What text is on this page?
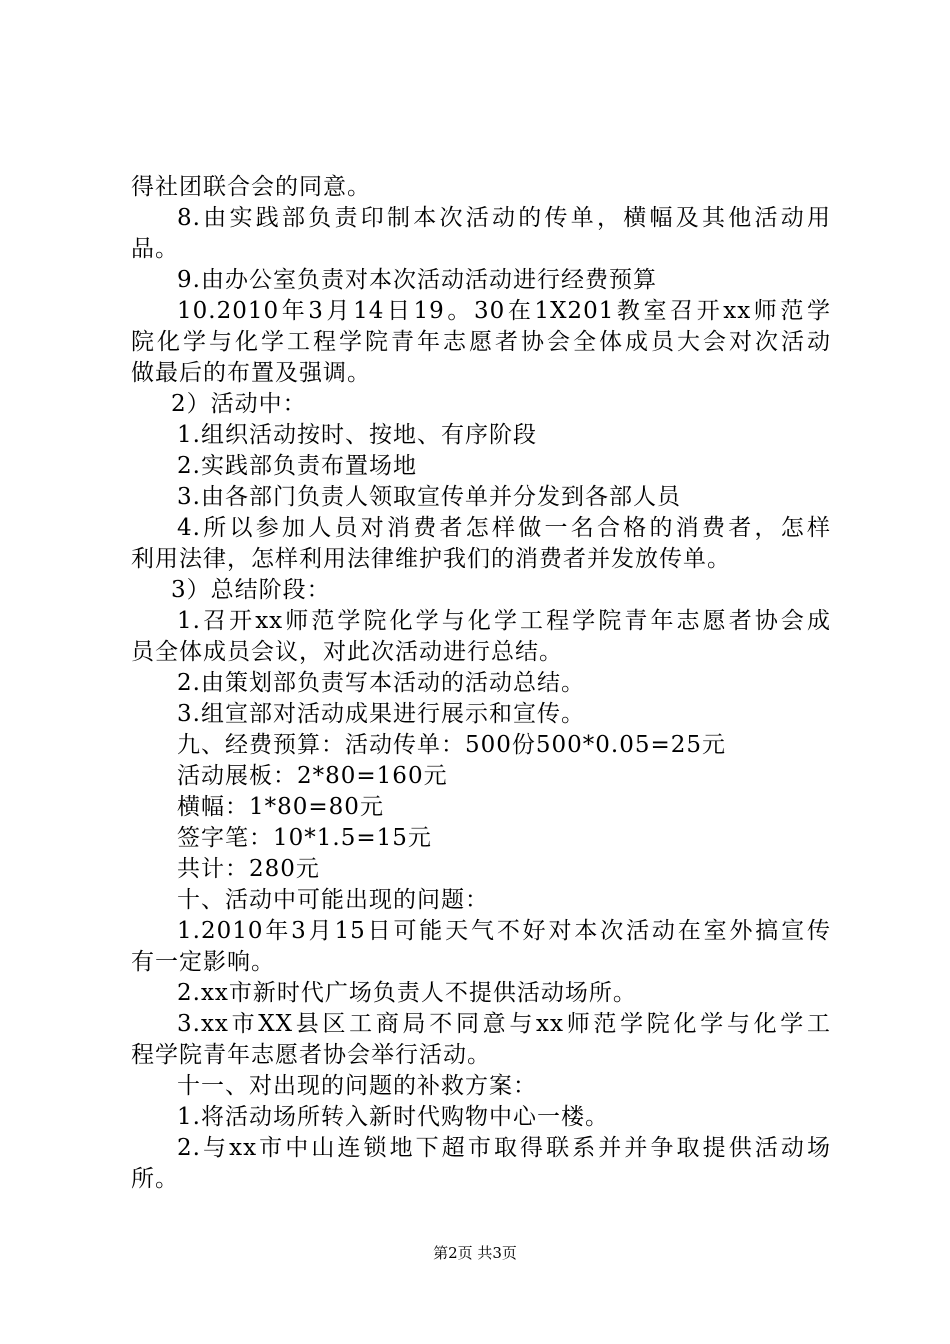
得社团联合会的同意。
8.由实践部负责印制本次活动的传单，横幅及其他活动用
品。
9.由办公室负责对本次活动活动进行经费预算
10.2010年3月14日19。30在1X201教室召开xx师范学
院化学与化学工程学院青年志愿者协会全体成员大会对次活动
做最后的布置及强调。
2）活动中：
1.组织活动按时、按地、有序阶段
2.实践部负责布置场地
3.由各部门负责人领取宣传单并分发到各部人员
4.所以参加人员对消费者怎样做一名合格的消费者，怎样
利用法律，怎样利用法律维护我们的消费者并发放传单。
3）总结阶段：
1.召开xx师范学院化学与化学工程学院青年志愿者协会成
员全体成员会议，对此次活动进行总结。
2.由策划部负责写本活动的活动总结。
3.组宣部对活动成果进行展示和宣传。
九、经费预算：活动传单：500份500*0.05=25元
活动展板：2*80=160元
横幅：1*80=80元
签字笔：10*1.5=15元
共计：280元
十、活动中可能出现的问题：
1.2010年3月15日可能天气不好对本次活动在室外搞宣传
有一定影响。
2.xx市新时代广场负责人不提供活动场所。
3.xx市XX县区工商局不同意与xx师范学院化学与化学工
程学院青年志愿者协会举行活动。
十一、对出现的问题的补救方案：
1.将活动场所转入新时代购物中心一楼。
2.与xx市中山连锁地下超市取得联系并并争取提供活动场
所。
第2页 共3页
